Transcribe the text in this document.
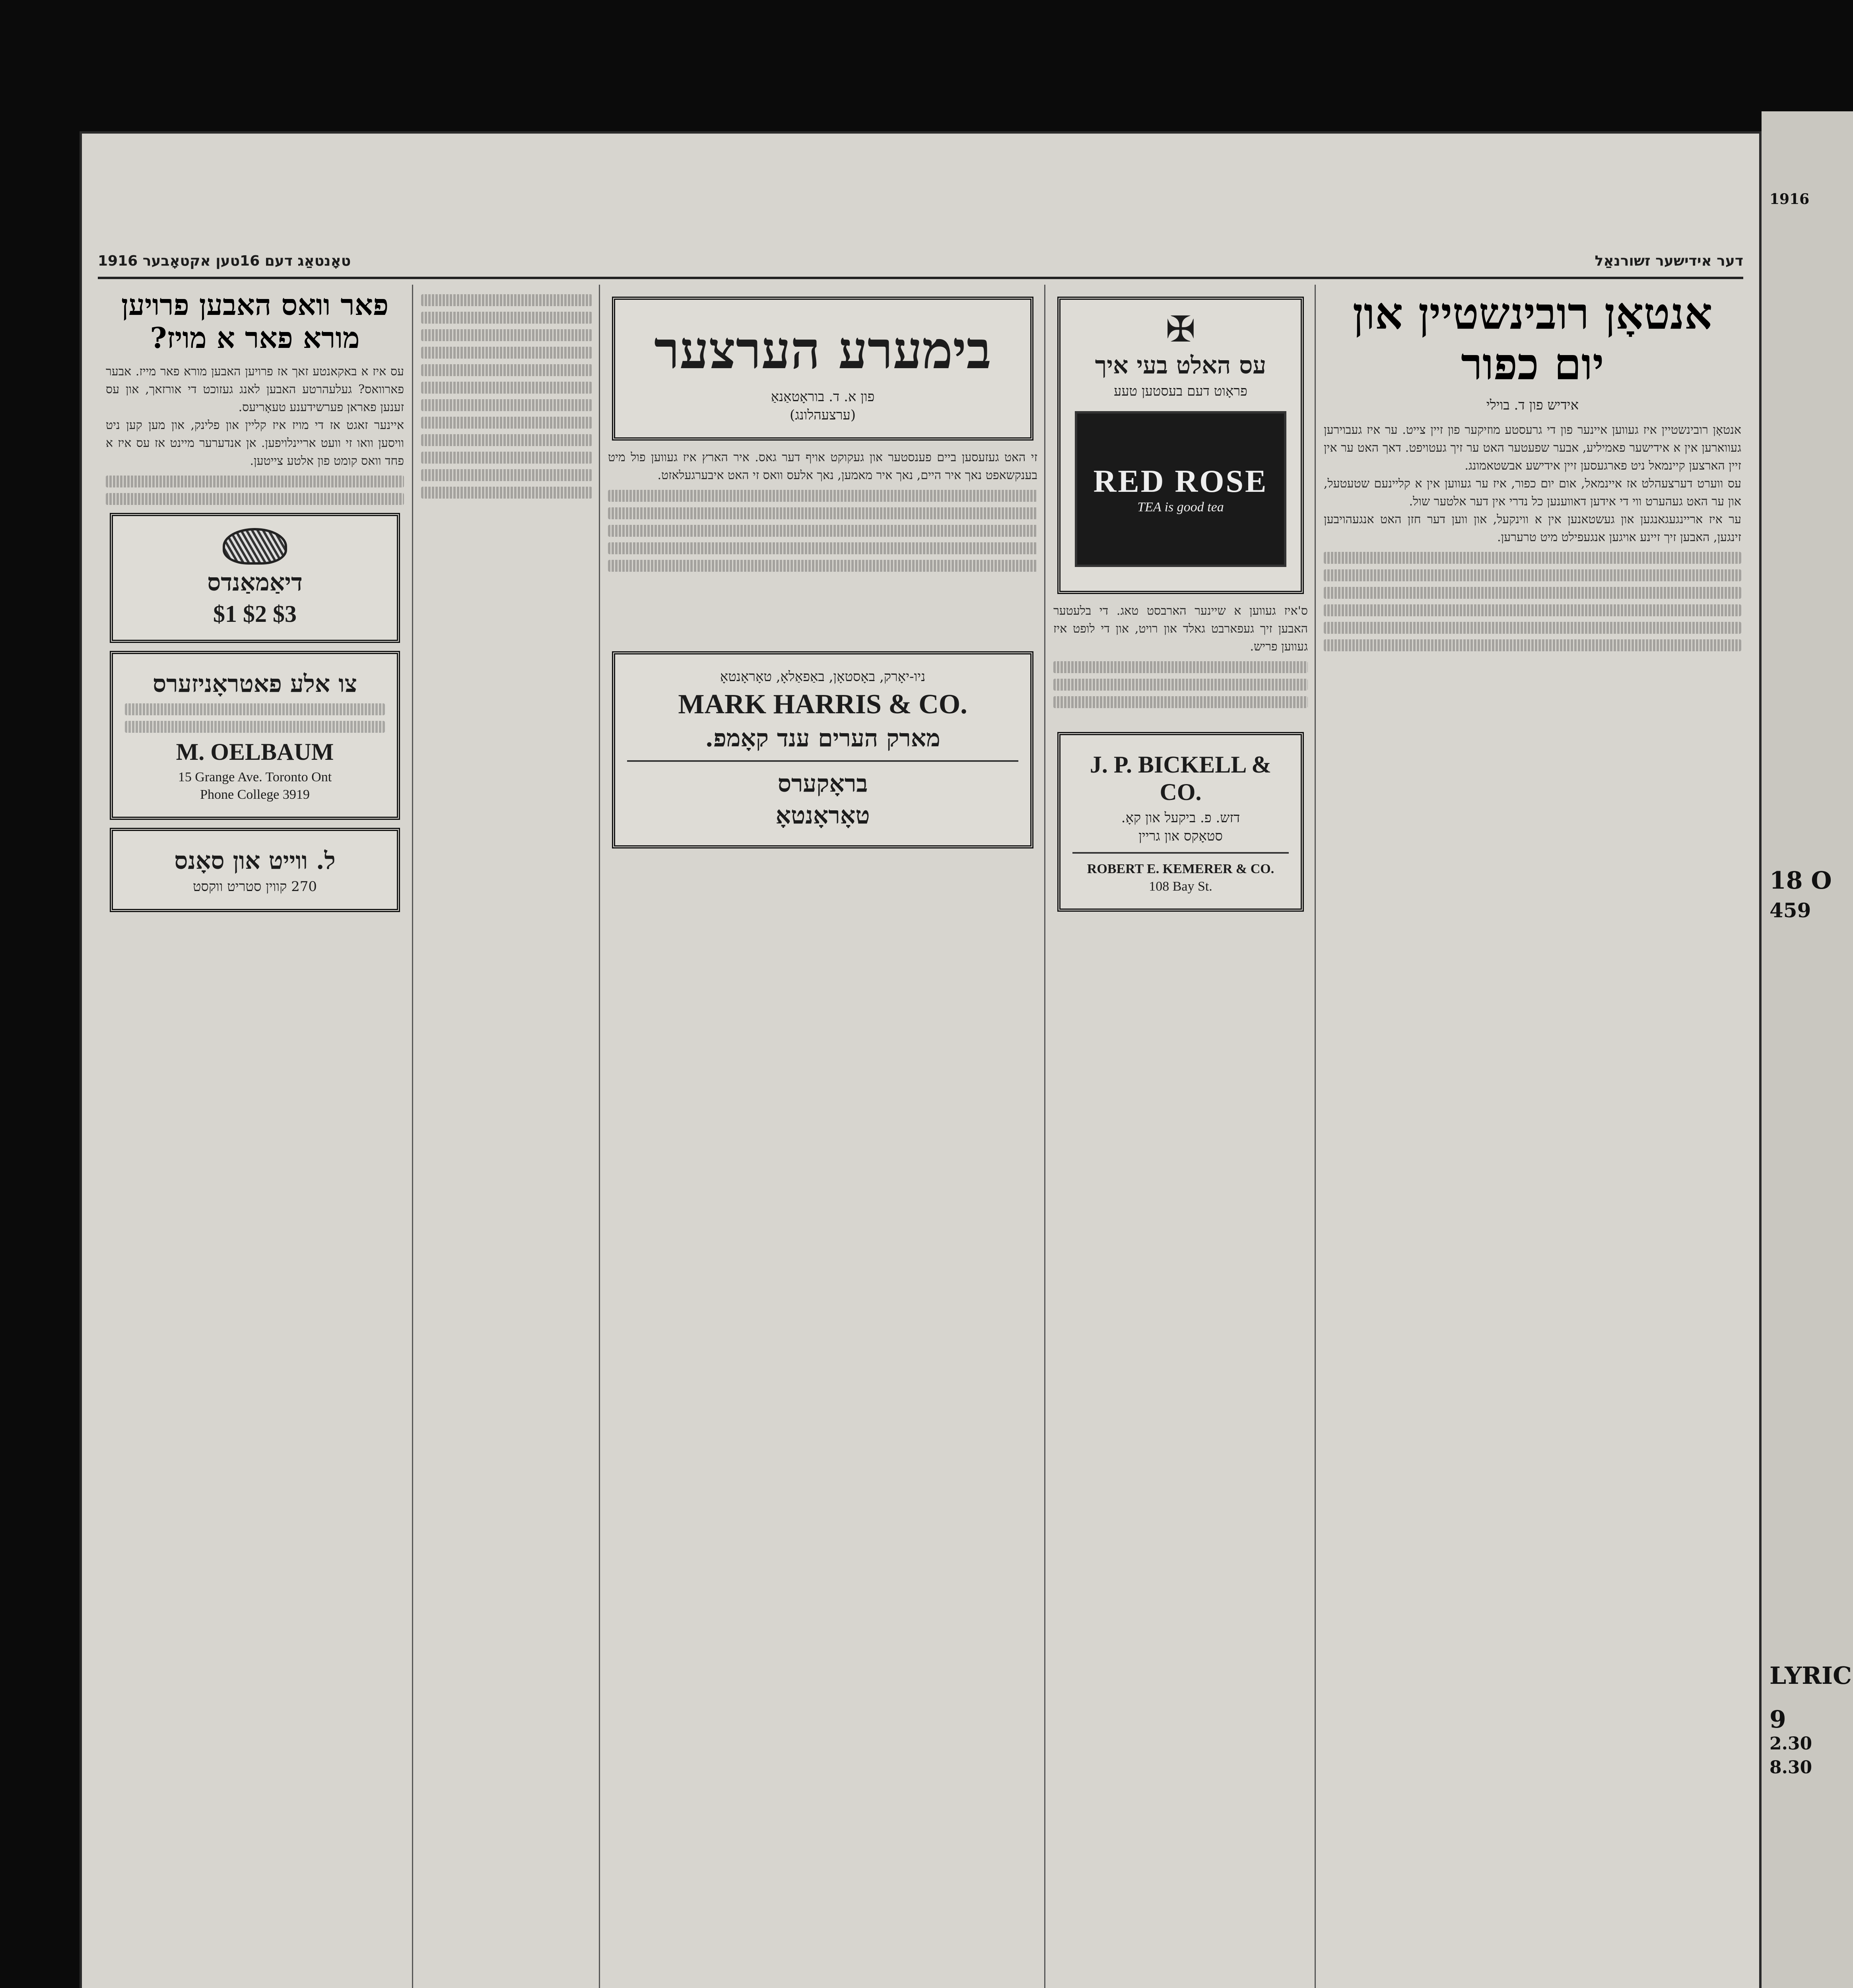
1916
18 O
459
LYRIC
9
2.30
8.30
1916 טאָנטאַג דעם 16טען אקטאָבער	דער אידישער זשורנאַל
אנטאָן רובינשטיין און יום כפור
אידיש פון ד. בוילי
אנטאָן רובינשטיין איז געווען איינער פון די גרעסטע מוזיקער פון זיין צייט. ער איז געבוירען געווארען אין א אידישער פאמיליע, אבער שפעטער האט ער זיך געטויפט. דאך האט ער אין זיין הארצען קיינמאל ניט פארגעסען זיין אידישע אבשטאמונג.
עס ווערט דערצעהלט אז איינמאל, אום יום כפור, איז ער געווען אין א קליינעם שטעטעל, און ער האט געהערט ווי די אידען דאווענען כל נדרי אין דער אלטער שול.
ער איז אריינגעגאנגען און געשטאנען אין א ווינקעל, און ווען דער חזן האט אנגעהויבען זינגען, האבען זיך זיינע אויגען אנגעפילט מיט טרערען.
✠
עס האלט בעי איך
פראָוט דעם בעסטען טעע
RED ROSE
TEA is good tea
ס'איז געווען א שיינער הארבסט טאג. די בלעטער האבען זיך געפארבט גאלד און רויט, און די לופט איז געווען פריש.
J. P. BICKELL & CO.
דזש. פ. ביקעל און קאָ.
סטאָקס און גריין
ROBERT E. KEMERER & CO.
108 Bay St.
בימערע הערצער
פון א. ד. בוראָטאַנאַ
(ערצעהלונג)
זי האט געזעסען ביים פענסטער און געקוקט אויף דער גאס. איר הארץ איז געווען פול מיט בענקשאפט נאך איר היים, נאך איר מאמען, נאך אלעס וואס זי האט איבערגעלאזט.
ניו-יאָרק, באָסטאָן, באַפאַלאָ, טאָראָנטאָ
MARK HARRIS & CO.
מארק הערים ענד קאָמפ.
בראָקערס
טאָראָנטאָ
פאר וואס האבען פרויען מורא פאר א מויז?
עס איז א באקאנטע זאך אז פרויען האבען מורא פאר מייז. אבער פארוואס? געלעהרטע האבען לאנג געזוכט די אורזאך, און עס זענען פאראן פערשידענע טעאָריעס.
איינער זאגט אז די מויז איז קליין און פלינק, און מען קען ניט וויסען וואו זי וועט אריינלויפען. אן אנדערער מיינט אז עס איז א פחד וואס קומט פון אלטע צייטען.
דיאַמאַנדס
$1 $2 $3
צו אלע פאטראָניזערס
M. OELBAUM
15 Grange Ave. Toronto Ont
Phone College 3919
ל. ווייט און סאָנס
270 קווין סטריט ווקסט
